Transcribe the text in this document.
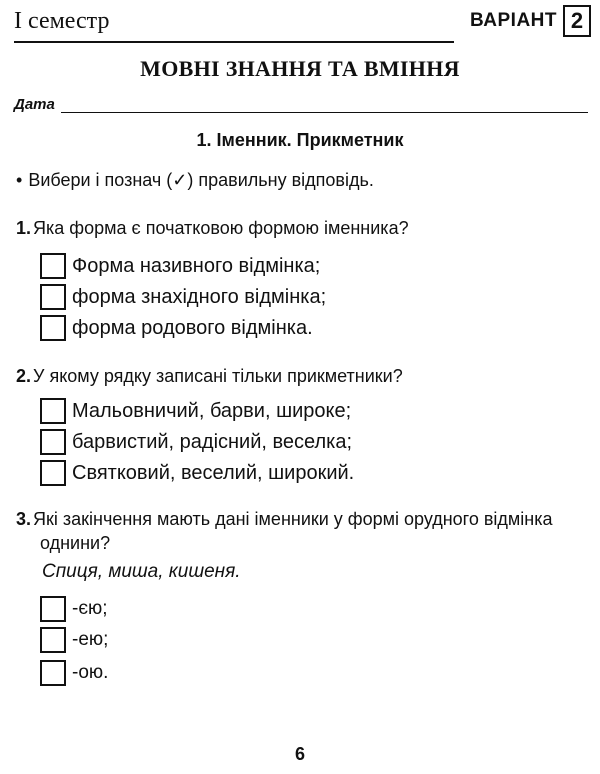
І семестр	ВАРІАНТ 2
МОВНІ ЗНАННЯ ТА ВМІННЯ
Дата
1. Іменник. Прикметник
• Вибери і познач (✓) правильну відповідь.
1. Яка форма є початковою формою іменника?
Форма називного відмінка;
форма знахідного відмінка;
форма родового відмінка.
2. У якому рядку записані тільки прикметники?
Мальовничий, барви, широке;
барвистий, радісний, веселка;
Святковий, веселий, широкий.
3. Які закінчення мають дані іменники у формі орудного відмінка
однини?
Спиця, миша, кишеня.
-єю;
-ею;
-ою.
6
